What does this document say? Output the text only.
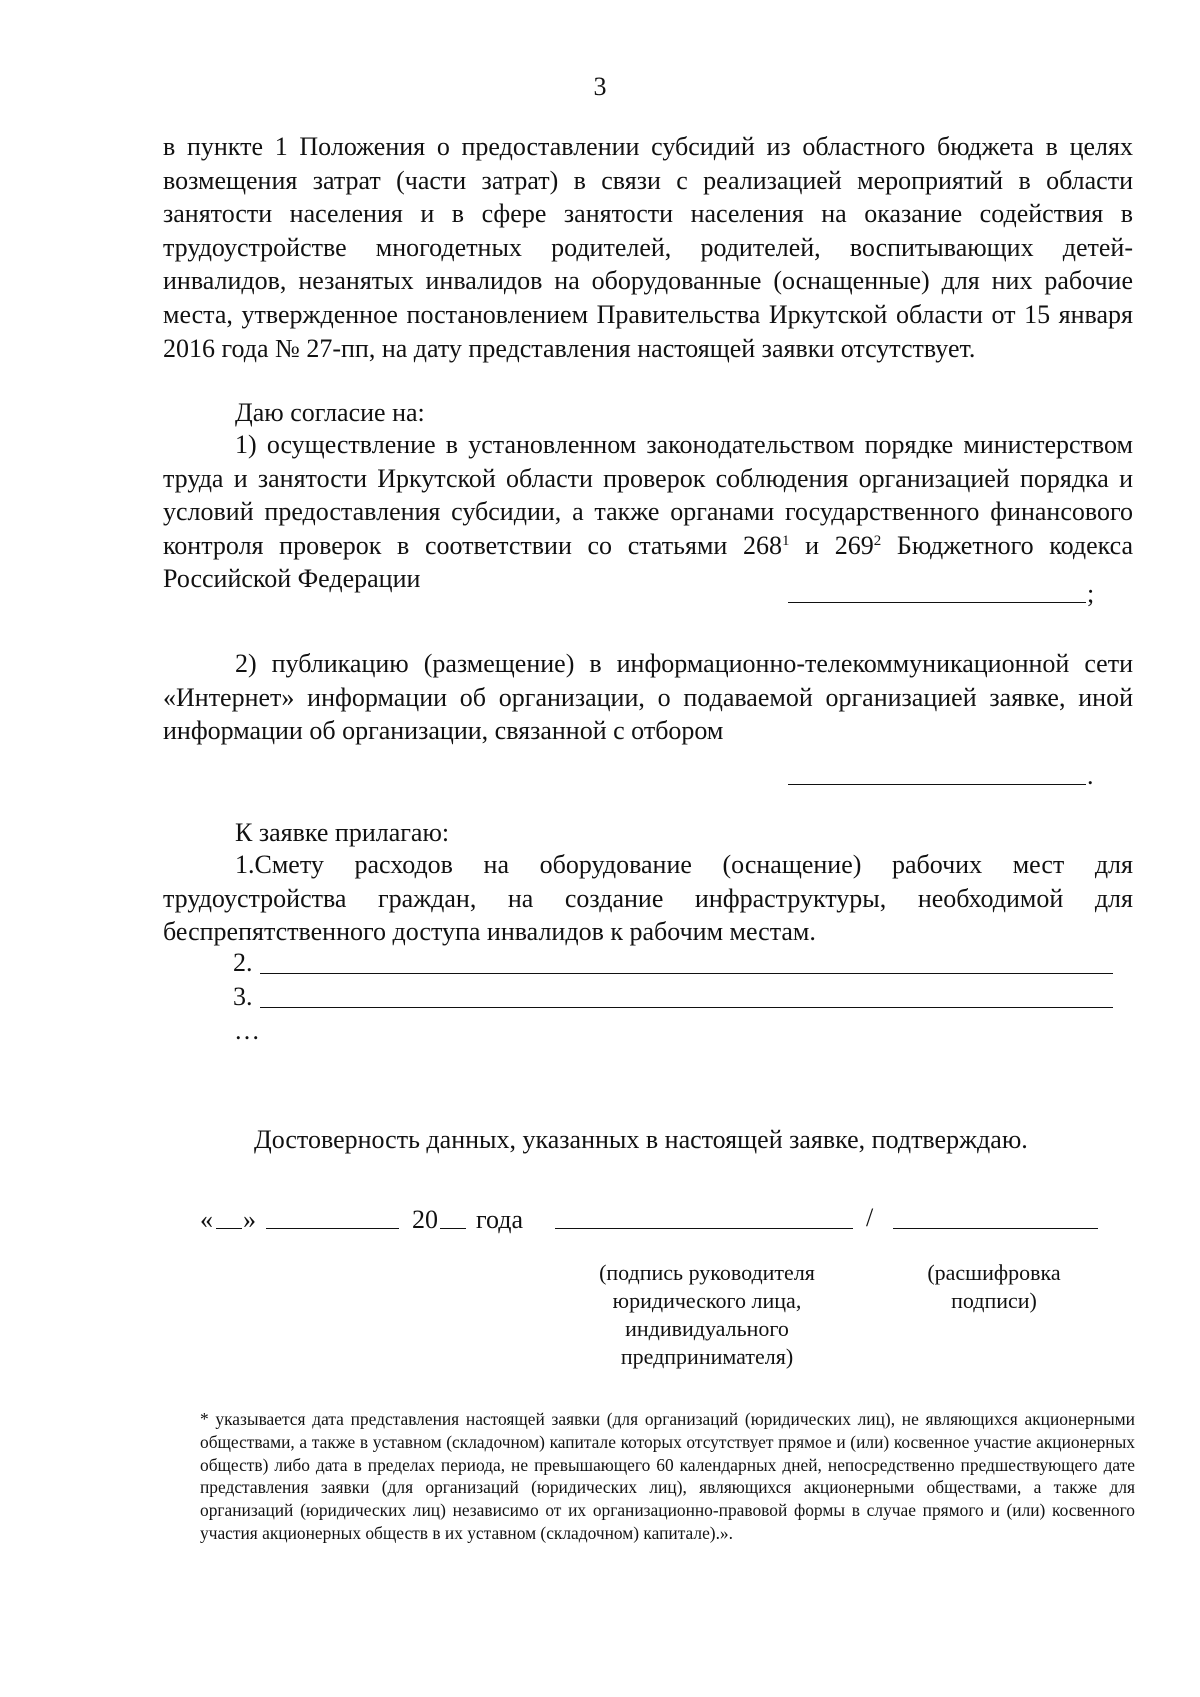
3

в пункте 1 Положения о предоставлении субсидий из областного бюджета в целях возмещения затрат (части затрат) в связи с реализацией мероприятий в области занятости населения и в сфере занятости населения на оказание содействия в трудоустройстве многодетных родителей, родителей, воспитывающих детей-инвалидов, незанятых инвалидов на оборудованные (оснащенные) для них рабочие места, утвержденное постановлением Правительства Иркутской области от 15 января 2016 года № 27-пп, на дату представления настоящей заявки отсутствует.

Даю согласие на:

1) осуществление в установленном законодательством порядке министерством труда и занятости Иркутской области проверок соблюдения организацией порядка и условий предоставления субсидии, а также органами государственного финансового контроля проверок в соответствии со статьями $268^1$ и $269^2$ Бюджетного кодекса Российской Федерации

;

2) публикацию (размещение) в информационно-телекоммуникационной сети «Интернет» информации об организации, о подаваемой организацией заявке, иной информации об организации, связанной с отбором

.

К заявке прилагаю:

1.Смету расходов на оборудование (оснащение) рабочих мест для трудоустройства граждан, на создание инфраструктуры, необходимой для беспрепятственного доступа инвалидов к рабочим местам.

2.

3.

…

Достоверность данных, указанных в настоящей заявке, подтверждаю.

« »	20 года	/

(подпись руководителя юридического лица, индивидуального предпринимателя)

(расшифровка подписи)

* указывается дата представления настоящей заявки (для организаций (юридических лиц), не являющихся акционерными обществами, а также в уставном (складочном) капитале которых отсутствует прямое и (или) косвенное участие акционерных обществ) либо дата в пределах периода, не превышающего 60 календарных дней, непосредственно предшествующего дате представления заявки (для организаций (юридических лиц), являющихся акционерными обществами, а также для организаций (юридических лиц) независимо от их организационно-правовой формы в случае прямого и (или) косвенного участия акционерных обществ в их уставном (складочном) капитале).».
